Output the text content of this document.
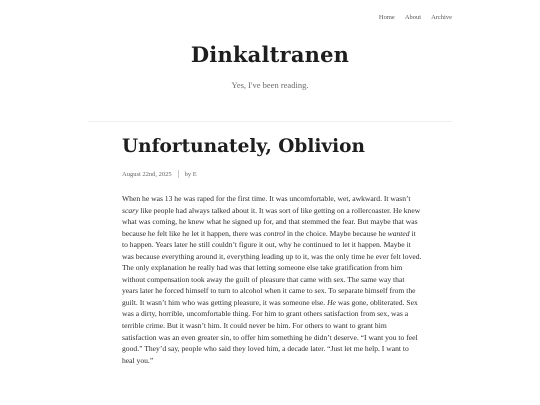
Home About Archive
Dinkaltranen

Yes, I've been reading.

Unfortunately, Oblivion
August 22nd, 2025 by E

When he was 13 he was raped for the first time. It was uncomfortable, wet, awkward. It wasn’t scary like people had always talked about it. It was sort of like getting on a rollercoaster. He knew what was coming, he knew what he signed up for, and that stemmed the fear. But maybe that was because he felt like he let it happen, there was control in the choice. Maybe because he wanted it to happen. Years later he still couldn’t figure it out, why he continued to let it happen. Maybe it was because everything around it, everything leading up to it, was the only time he ever felt loved. The only explanation he really had was that letting someone else take gratification from him without compensation took away the guilt of pleasure that came with sex. The same way that years later he forced himself to turn to alcohol when it came to sex. To separate himself from the guilt. It wasn’t him who was getting pleasure, it was someone else. He was gone, obliterated. Sex was a dirty, horrible, uncomfortable thing. For him to grant others satisfaction from sex, was a terrible crime. But it wasn’t him. It could never be him. For others to want to grant him satisfaction was an even greater sin, to offer him something he didn’t deserve. “I want you to feel good.” They’d say, people who said they loved him, a decade later. “Just let me help. I want to heal you.”
